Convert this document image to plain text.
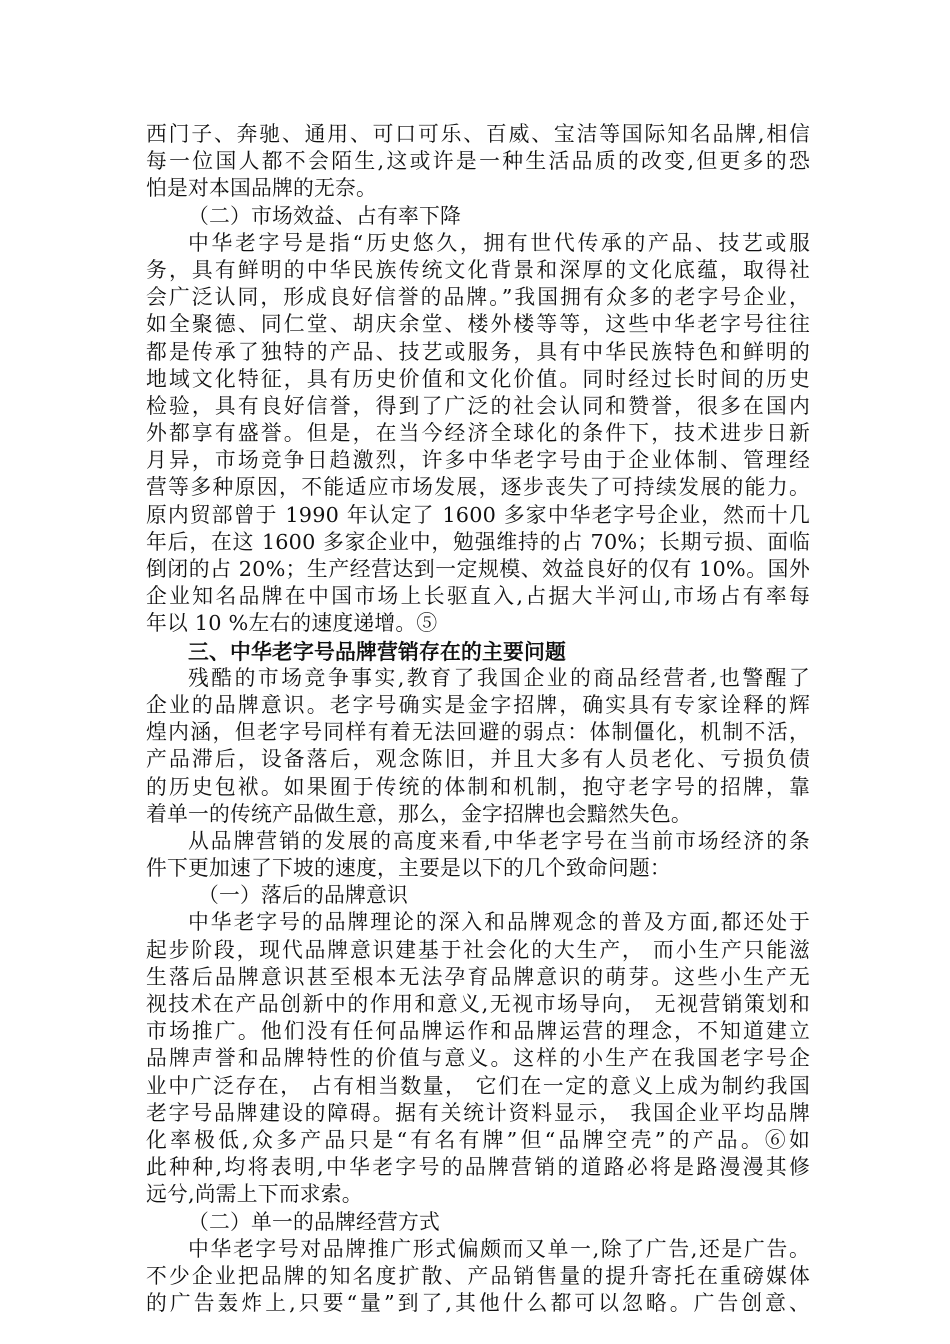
西门子、奔驰、通用、可口可乐、百威、宝洁等国际知名品牌,相信
每一位国人都不会陌生,这或许是一种生活品质的改变,但更多的恐
怕是对本国品牌的无奈。
（二）市场效益、占有率下降
中华老字号是指“历史悠久，拥有世代传承的产品、技艺或服
务，具有鲜明的中华民族传统文化背景和深厚的文化底蕴，取得社
会广泛认同，形成良好信誉的品牌。”我国拥有众多的老字号企业，
如全聚德、同仁堂、胡庆余堂、楼外楼等等，这些中华老字号往往
都是传承了独特的产品、技艺或服务，具有中华民族特色和鲜明的
地域文化特征，具有历史价值和文化价值。同时经过长时间的历史
检验，具有良好信誉，得到了广泛的社会认同和赞誉，很多在国内
外都享有盛誉。但是，在当今经济全球化的条件下，技术进步日新
月异，市场竞争日趋激烈，许多中华老字号由于企业体制、管理经
营等多种原因，不能适应市场发展，逐步丧失了可持续发展的能力。
原内贸部曾于 1990 年认定了 1600 多家中华老字号企业，然而十几
年后，在这 1600 多家企业中，勉强维持的占 70%；长期亏损、面临
倒闭的占 20%；生产经营达到一定规模、效益良好的仅有 10%。国外
企业知名品牌在中国市场上长驱直入,占据大半河山,市场占有率每
年以 10 %左右的速度递增。⑤
三、中华老字号品牌营销存在的主要问题
残酷的市场竞争事实,教育了我国企业的商品经营者,也警醒了
企业的品牌意识。老字号确实是金字招牌，确实具有专家诠释的辉
煌内涵，但老字号同样有着无法回避的弱点：体制僵化，机制不活，
产品滞后，设备落后，观念陈旧，并且大多有人员老化、亏损负债
的历史包袱。如果囿于传统的体制和机制，抱守老字号的招牌，靠
着单一的传统产品做生意，那么，金字招牌也会黯然失色。
从品牌营销的发展的高度来看,中华老字号在当前市场经济的条
件下更加速了下坡的速度，主要是以下的几个致命问题：
（一）落后的品牌意识
中华老字号的品牌理论的深入和品牌观念的普及方面,都还处于
起步阶段，现代品牌意识建基于社会化的大生产， 而小生产只能滋
生落后品牌意识甚至根本无法孕育品牌意识的萌芽。这些小生产无
视技术在产品创新中的作用和意义,无视市场导向， 无视营销策划和
市场推广。他们没有任何品牌运作和品牌运营的理念，不知道建立
品牌声誉和品牌特性的价值与意义。这样的小生产在我国老字号企
业中广泛存在， 占有相当数量， 它们在一定的意义上成为制约我国
老字号品牌建设的障碍。据有关统计资料显示， 我国企业平均品牌
化率极低,众多产品只是“有名有牌”但“品牌空壳”的产品。⑥如
此种种,均将表明,中华老字号的品牌营销的道路必将是路漫漫其修
远兮,尚需上下而求索。
（二）单一的品牌经营方式
中华老字号对品牌推广形式偏颇而又单一,除了广告,还是广告。
不少企业把品牌的知名度扩散、产品销售量的提升寄托在重磅媒体
的广告轰炸上,只要“量”到了,其他什么都可以忽略。广告创意、
